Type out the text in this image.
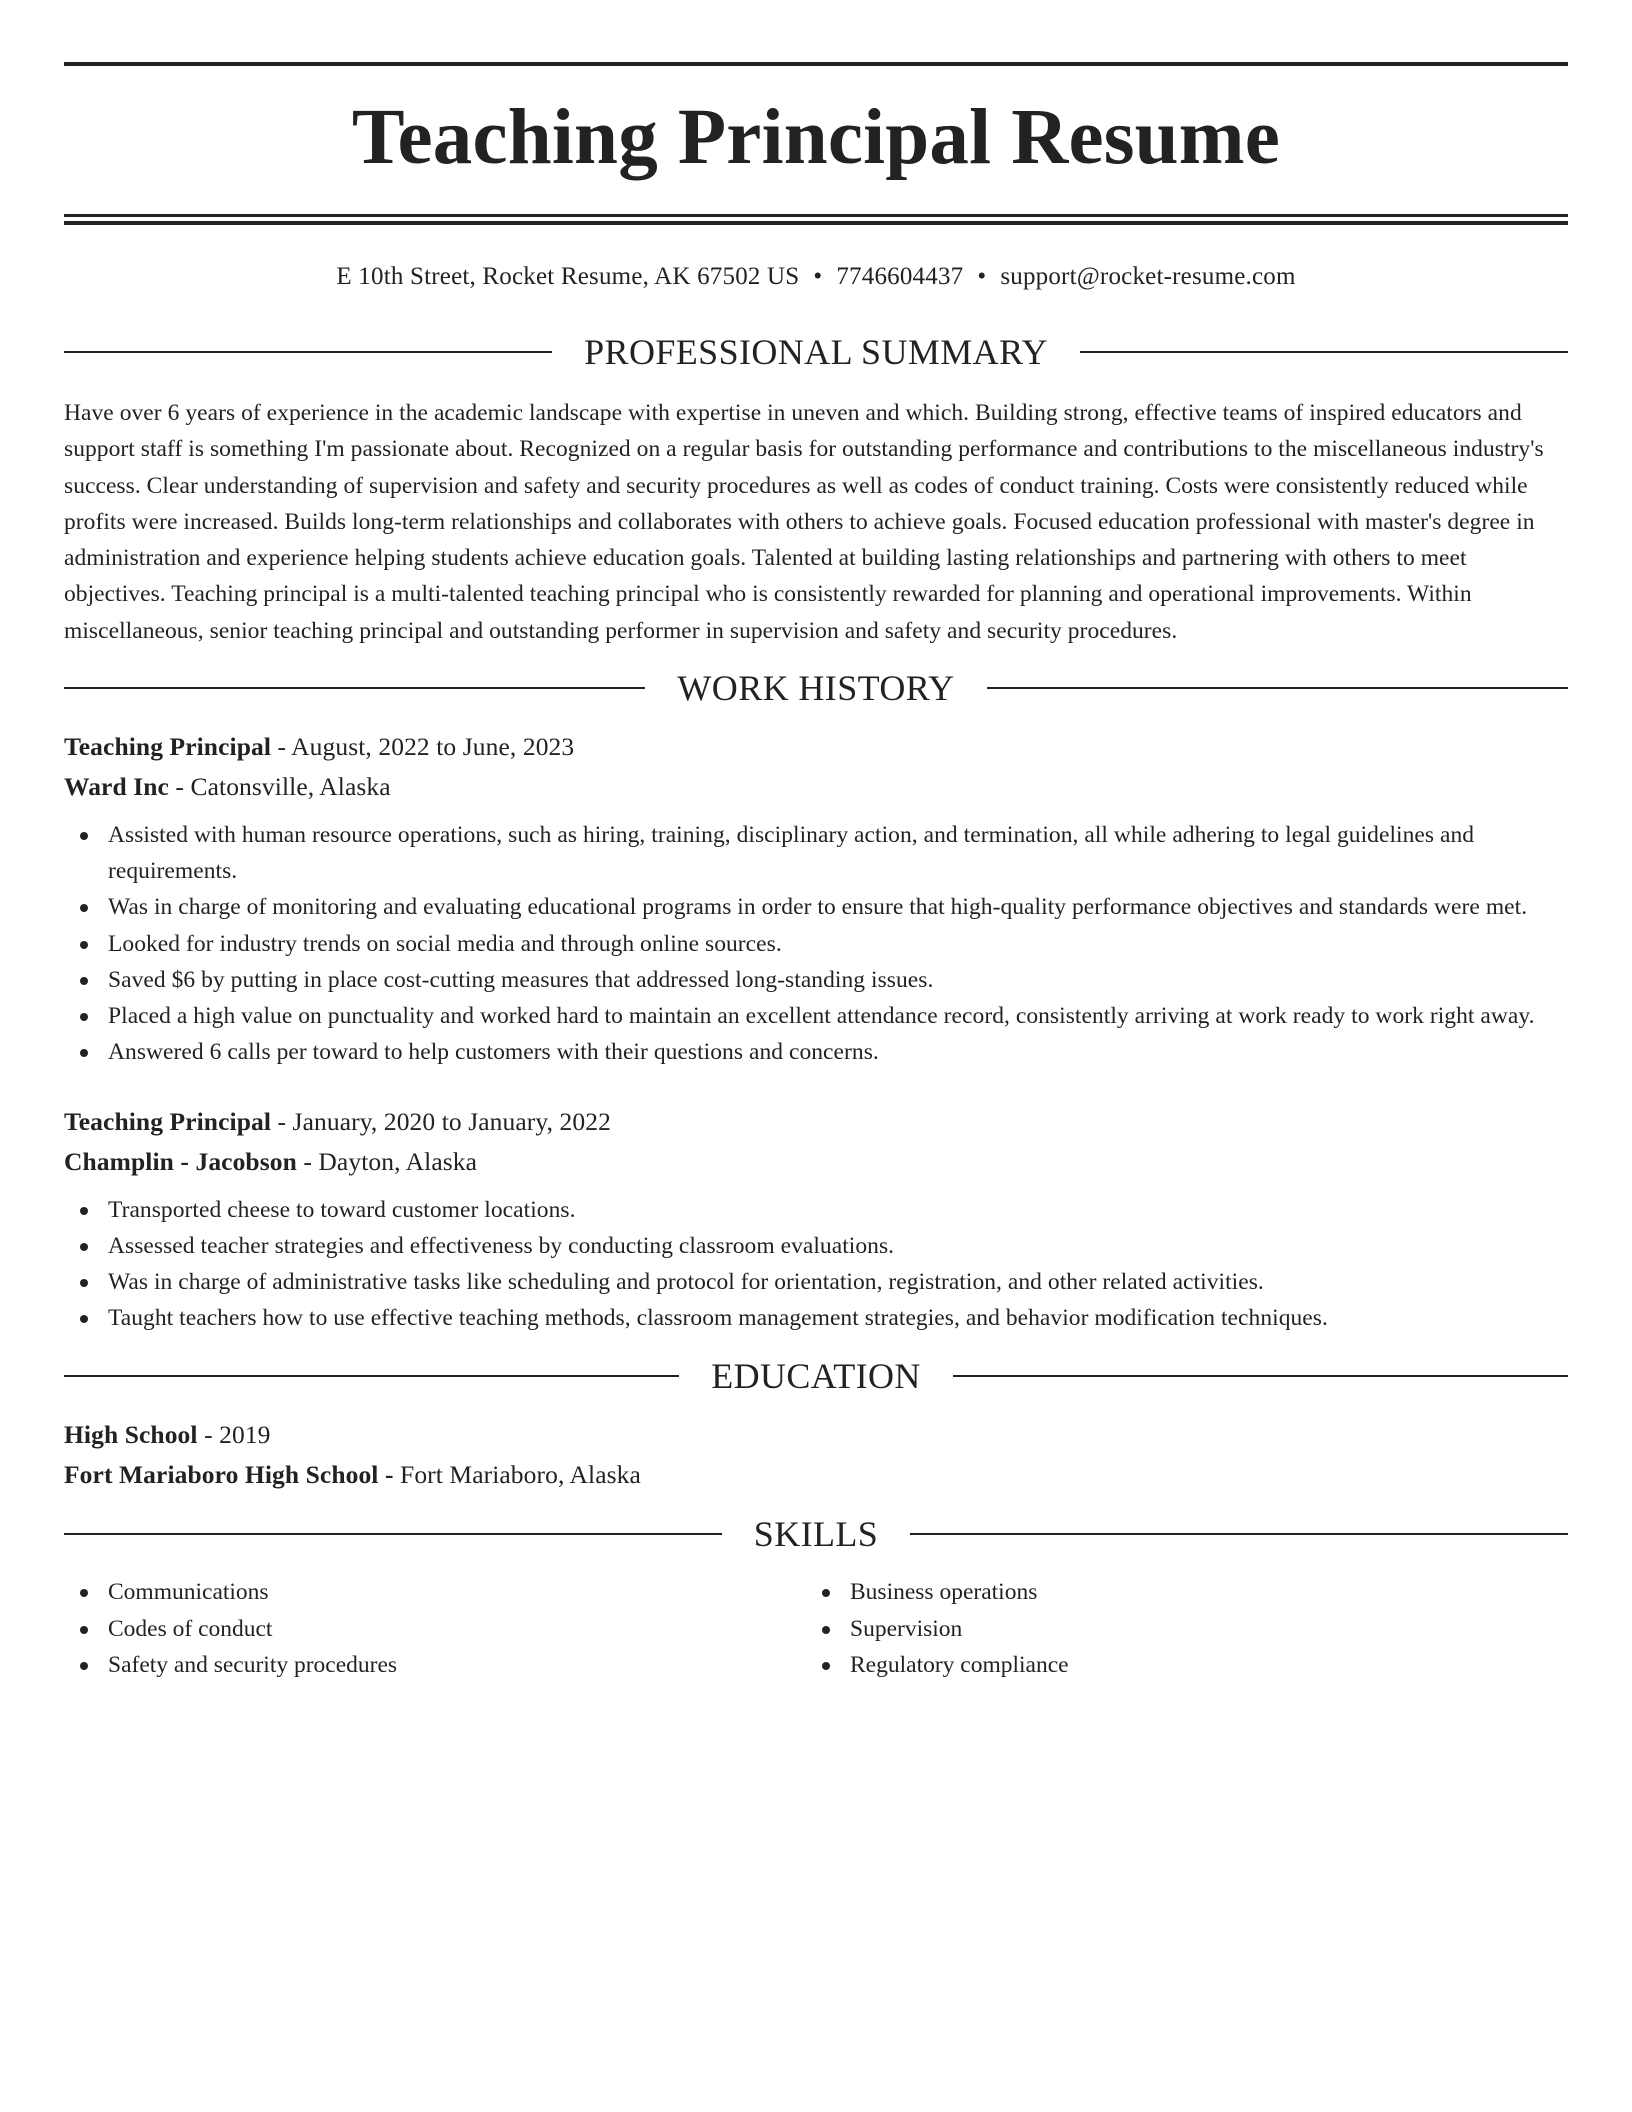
Teaching Principal Resume
E 10th Street, Rocket Resume, AK 67502 US • 7746604437 • support@rocket-resume.com
PROFESSIONAL SUMMARY

Have over 6 years of experience in the academic landscape with expertise in uneven and which. Building strong, effective teams of inspired educators and support staff is something I'm passionate about. Recognized on a regular basis for outstanding performance and contributions to the miscellaneous industry's success. Clear understanding of supervision and safety and security procedures as well as codes of conduct training. Costs were consistently reduced while profits were increased. Builds long-term relationships and collaborates with others to achieve goals. Focused education professional with master's degree in administration and experience helping students achieve education goals. Talented at building lasting relationships and partnering with others to meet objectives. Teaching principal is a multi-talented teaching principal who is consistently rewarded for planning and operational improvements. Within miscellaneous, senior teaching principal and outstanding performer in supervision and safety and security procedures.

WORK HISTORY
Teaching Principal - August, 2022 to June, 2023
Ward Inc - Catonsville, Alaska
Assisted with human resource operations, such as hiring, training, disciplinary action, and termination, all while adhering to legal guidelines and requirements.
Was in charge of monitoring and evaluating educational programs in order to ensure that high-quality performance objectives and standards were met.
Looked for industry trends on social media and through online sources.
Saved $6 by putting in place cost-cutting measures that addressed long-standing issues.
Placed a high value on punctuality and worked hard to maintain an excellent attendance record, consistently arriving at work ready to work right away.
Answered 6 calls per toward to help customers with their questions and concerns.
Teaching Principal - January, 2020 to January, 2022
Champlin - Jacobson - Dayton, Alaska
Transported cheese to toward customer locations.
Assessed teacher strategies and effectiveness by conducting classroom evaluations.
Was in charge of administrative tasks like scheduling and protocol for orientation, registration, and other related activities.
Taught teachers how to use effective teaching methods, classroom management strategies, and behavior modification techniques.
EDUCATION
High School - 2019
Fort Mariaboro High School - Fort Mariaboro, Alaska
SKILLS
Communications
Codes of conduct
Safety and security procedures
Business operations
Supervision
Regulatory compliance
